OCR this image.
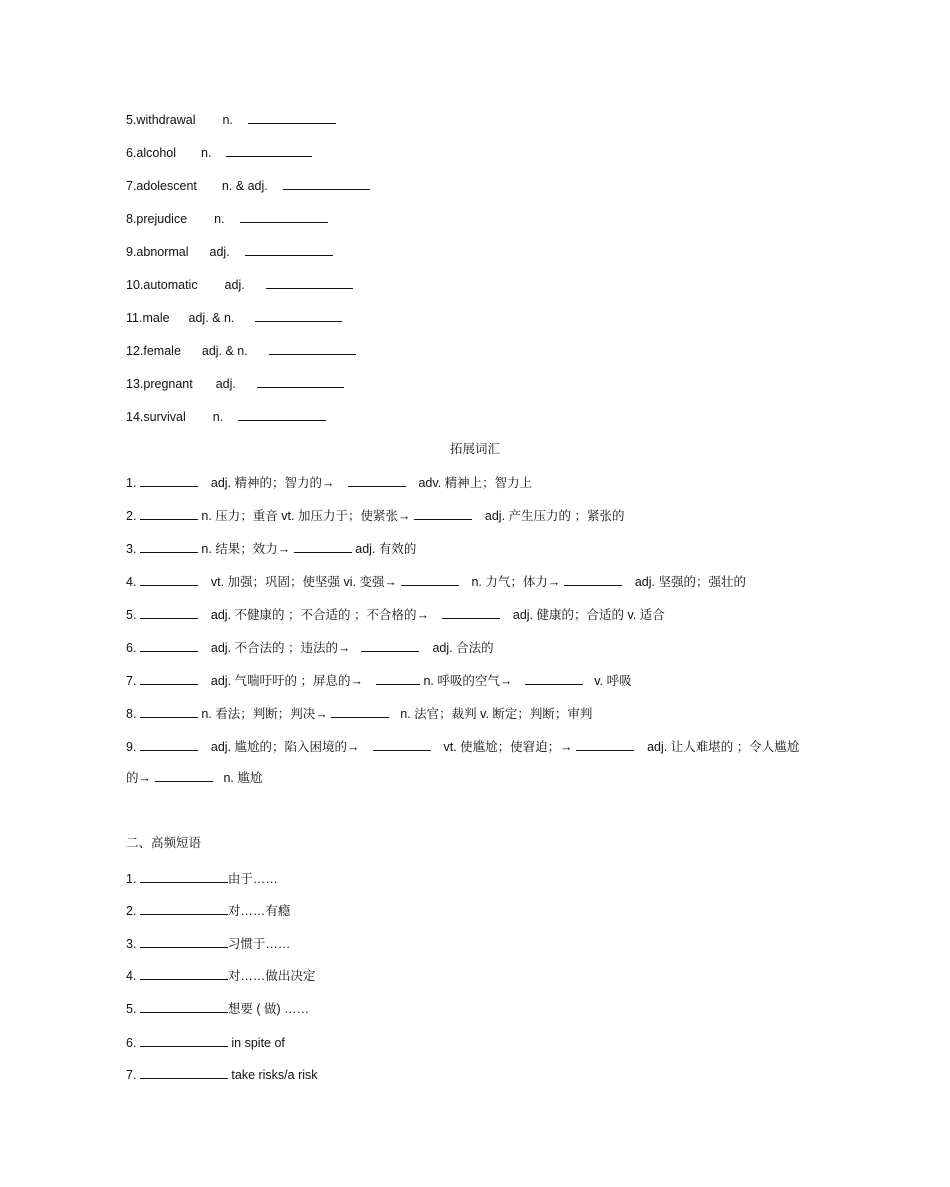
5.withdrawal n.
6.alcohol n.
7.adolescent n. & adj.
8.prejudice n.
9.abnormal adj.
10.automatic adj.
11.male adj. & n.
12.female adj. & n.
13.pregnant adj.
14.survival n.
拓展词汇
1.	adj. 精神的；智力的→	adv. 精神上；智力上
2.	n. 压力；重音 vt. 加压力于；使紧张→	adj. 产生压力的 ；紧张的
3.	n. 结果；效力→	adj. 有效的
4.	vt. 加强；巩固；使坚强 vi. 变强→	n. 力气；体力→	adj. 坚强的；强壮的
5.	adj. 不健康的 ；不合适的 ；不合格的→	adj. 健康的；合适的 v. 适合
6.	adj. 不合法的 ；违法的→	adj. 合法的
7.	adj. 气喘吁吁的 ；屏息的→	n. 呼吸的空气→	v. 呼吸
8.	n. 看法；判断；判决→	n. 法官；裁判 v. 断定；判断；审判
9.	adj. 尴尬的；陷入困境的→	vt. 使尴尬；使窘迫；→	adj. 让人难堪的 ；令人尴尬
的→	n. 尴尬
二、高频短语
1.	由于……
2.	对……有瘾
3.	习惯于……
4.	对……做出决定
5.	想要 ( 做) ……
6.	in spite of
7.	take risks/a risk
